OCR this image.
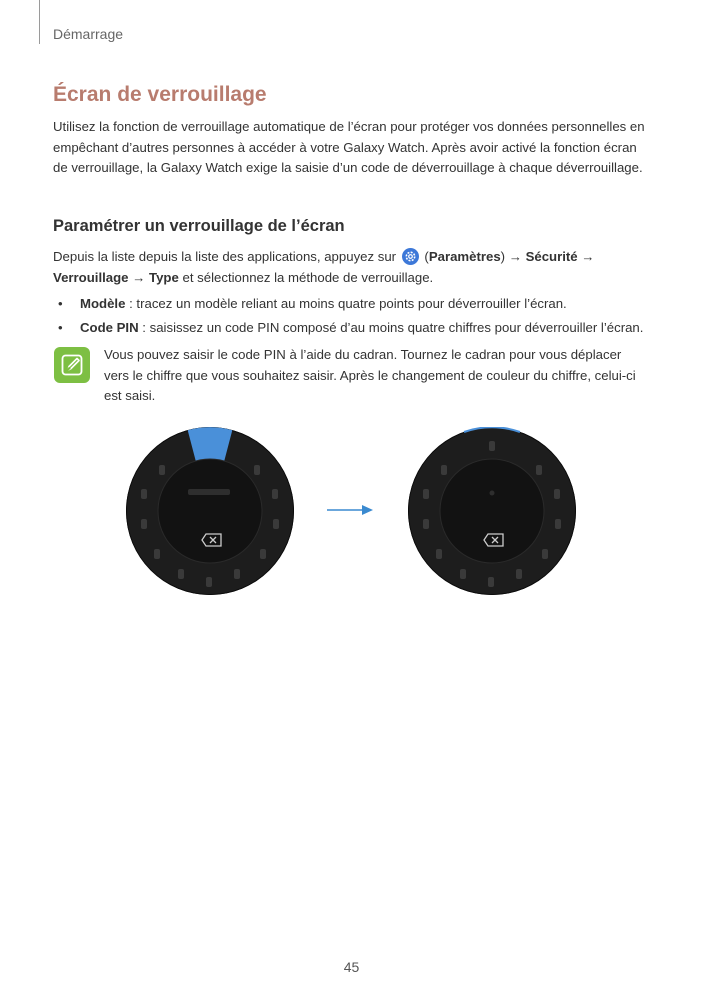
Démarrage
Écran de verrouillage

Utilisez la fonction de verrouillage automatique de l’écran pour protéger vos données personnelles en empêchant d’autres personnes à accéder à votre Galaxy Watch. Après avoir activé la fonction écran de verrouillage, la Galaxy Watch exige la saisie d’un code de déverrouillage à chaque déverrouillage.

Paramétrer un verrouillage de l’écran

Depuis la liste depuis la liste des applications, appuyez sur
(Paramètres) → Sécurité →
Verrouillage → Type et sélectionnez la méthode de verrouillage.

• Modèle : tracez un modèle reliant au moins quatre points pour déverrouiller l’écran.
• Code PIN : saisissez un code PIN composé d’au moins quatre chiffres pour déverrouiller l’écran.

Vous pouvez saisir le code PIN à l’aide du cadran. Tournez le cadran pour vous déplacer vers le chiffre que vous souhaitez saisir. Après le changement de couleur du chiffre, celui-ci est saisi.

45
